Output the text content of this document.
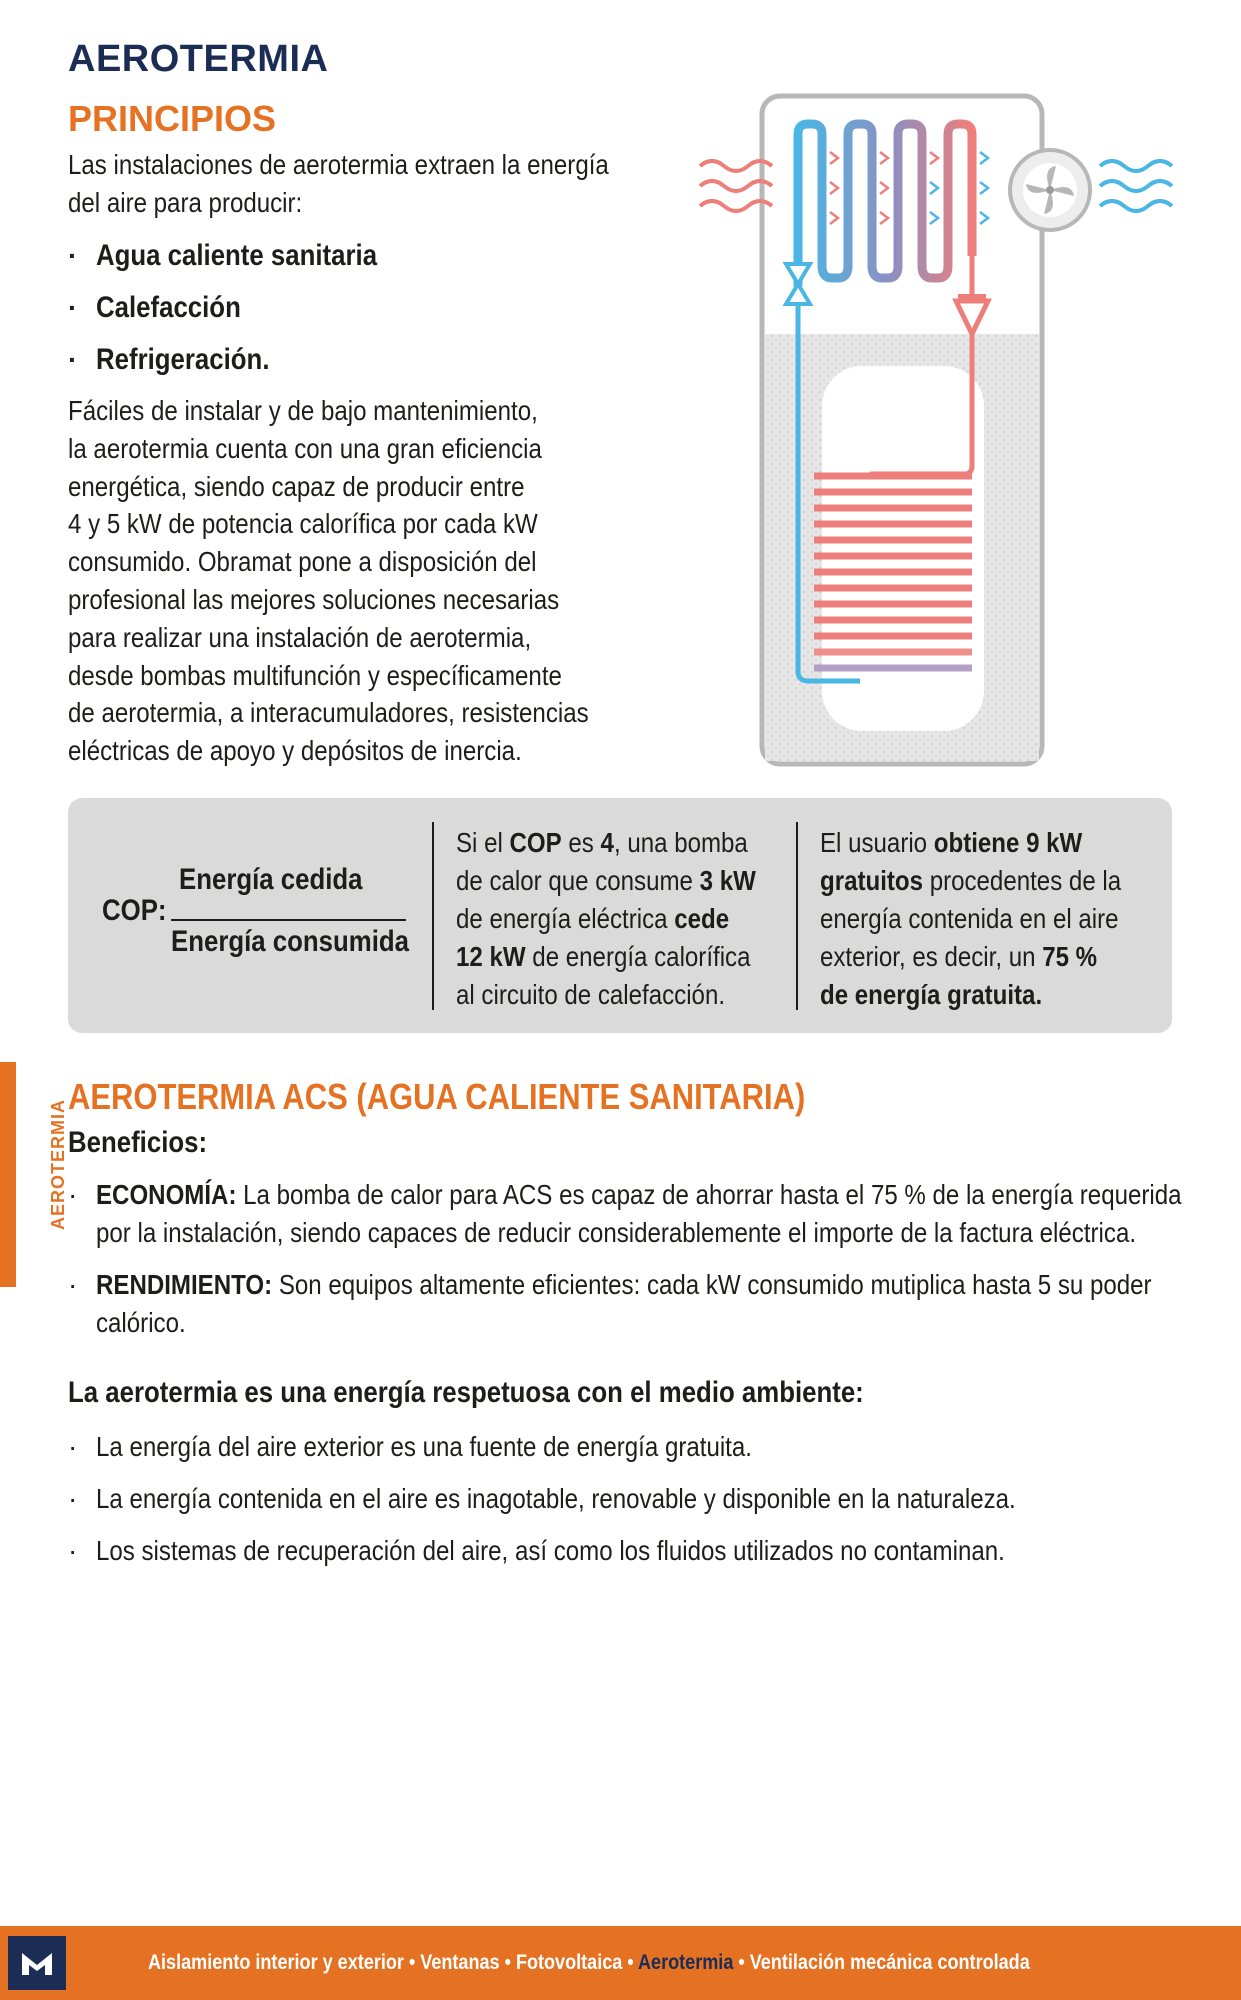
AEROTERMIA
PRINCIPIOS
Las instalaciones de aerotermia extraen la energía
del aire para producir:
· Agua caliente sanitaria
· Calefacción
· Refrigeración.
Fáciles de instalar y de bajo mantenimiento,
la aerotermia cuenta con una gran eficiencia
energética, siendo capaz de producir entre
4 y 5 kW de potencia calorífica por cada kW
consumido. Obramat pone a disposición del
profesional las mejores soluciones necesarias
para realizar una instalación de aerotermia,
desde bombas multifunción y específicamente
de aerotermia, a interacumuladores, resistencias
eléctricas de apoyo y depósitos de inercia.
COP:
Energía cedida
Energía consumida
Si el COP es 4, una bomba
de calor que consume 3 kW
de energía eléctrica cede
12 kW de energía calorífica
al circuito de calefacción.
El usuario obtiene 9 kW
gratuitos procedentes de la
energía contenida en el aire
exterior, es decir, un 75 %
de energía gratuita.
AEROTERMIA
AEROTERMIA ACS (AGUA CALIENTE SANITARIA)
Beneficios:
· ECONOMÍA: La bomba de calor para ACS es capaz de ahorrar hasta el 75 % de la energía requerida
por la instalación, siendo capaces de reducir considerablemente el importe de la factura eléctrica.
· RENDIMIENTO: Son equipos altamente eficientes: cada kW consumido mutiplica hasta 5 su poder
calórico.
La aerotermia es una energía respetuosa con el medio ambiente:
· La energía del aire exterior es una fuente de energía gratuita.
· La energía contenida en el aire es inagotable, renovable y disponible en la naturaleza.
· Los sistemas de recuperación del aire, así como los fluidos utilizados no contaminan.
Aislamiento interior y exterior • Ventanas • Fotovoltaica • Aerotermia • Ventilación mecánica controlada
